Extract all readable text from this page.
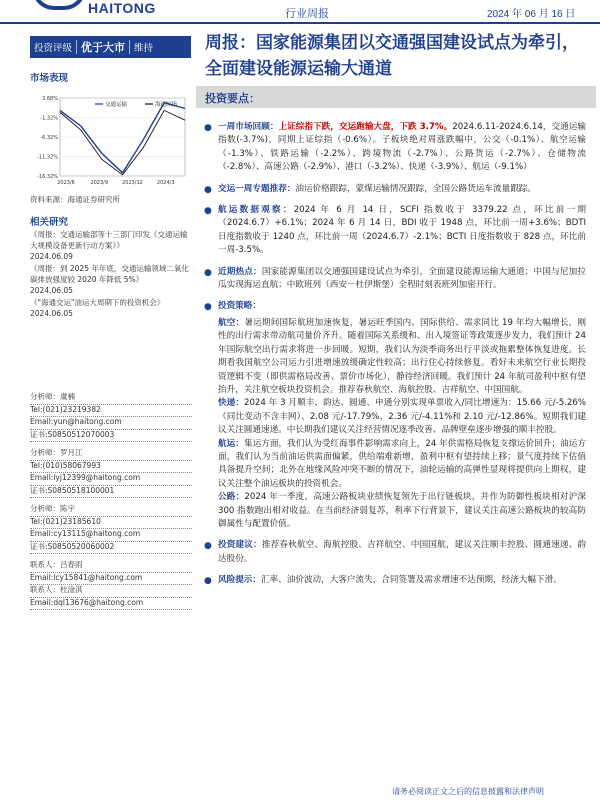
HAITONG	行业周报	2024 年 06 月 16 日
投资评级 优于大市 维持	周报：国家能源集团以交通强国建设试点为牵引，全面建设能源运输大通道
市场表现
3.68%
-1.32%
-6.32%
-11.32%
-16.32%
2023/6	2023/9	2023/12	2024/3
交通运输	海通综指
资料来源：海通证券研究所
相关研究
《周报：交通运输部等十三部门印发《交通运输大规模设备更新行动方案》》
2024.06.09
《周报：到 2025 年年底，交通运输领域二氧化碳排放强度较 2020 年降低 5%》
2024.06.05
《"海通交运"油运大周期下的投资机会》
2024.06.05
分析师：虞楠
Tel:(021)23219382
Email:yun@haitong.com
证书:S0850512070003
分析师：罗月江
Tel:(010)58067993
Email:lyj12399@haitong.com
证书:S0850518100001
分析师：陈宇
Tel:(021)23185610
Email:cy13115@haitong.com
证书:S0850520060002
联系人：吕春雨
Email:lcy15841@haitong.com
联系人：杜淦淇
Email:dql13676@haitong.com
投资要点：
● 一周市场回顾：上证综指下跌，交运跑输大盘，下跌 3.7%。2024.6.11-2024.6.14，交通运输指数(-3.7%)，同期上证综指（-0.6%）。子板块绝对周涨跌幅中，公交（-0.1%）、航空运输（-1.3%）、铁路运输（-2.2%）、跨境物流（-2.7%）、公路货运（-2.7%）、仓储物流（-2.8%）、高速公路（-2.9%）、港口（-3.2%）、快递（-3.9%）、航运（-9.1%）
● 交运一周专题推荐：油运价格跟踪，蒙煤运输情况跟踪，全国公路货运车流量跟踪。
● 航运数据观察：2024 年 6 月 14 日，SCFI 指数收于 3379.22 点，环比前一期（2024.6.7）+6.1%；2024 年 6 月 14 日，BDI 收于 1948 点，环比前一周+3.6%；BDTI 日度指数收于 1240 点，环比前一周（2024.6.7）-2.1%；BCTI 日度指数收于 828 点，环比前一周-3.5%。
● 近期热点：国家能源集团以交通强国建设试点为牵引，全面建设能源运输大通道；中国与尼加拉瓜实现海运直航；中欧班列（西安－杜伊斯堡）全程时刻表班列加密开行。
● 投资策略：
航空：暑运期间国际航班加速恢复，暑运旺季国内、国际供给、需求同比 19 年均大幅增长，刚性的出行需求带动航司量价齐升。随着国际关系缓和、出入境签证等政策逐步发力，我们预计 24 年国际航空出行需求将进一步回暖。短期，我们认为淡季商务出行平淡或拖累整体恢复进度。长期看我国航空公司运力引进增速放缓确定性较高；出行住心持续修复。看好未来航空行业长期投资逻辑不变（即供需格局改善、票价市场化），静待经济回暖。我们预计 24 年航司盈利中枢有望抬升，关注航空板块投资机会。推荐春秋航空、海航控股、吉祥航空、中国国航。
快递：2024 年 3 月顺丰、韵达、圆通、申通分别实现单票收入/同比增速为：15.66 元/-5.26%（同比变动不含丰网）、2.08 元/-17.79%、2.36 元/-4.11%和 2.10 元/-12.86%。短期我们建议关注圆通速递。中长期我们建议关注经营情况逐季改善、品牌壁垒逐步增强的顺丰控股。
航运：集运方面，我们认为受红海事件影响需求向上，24 年供需格局恢复支撑运价回升；油运方面，我们认为当前油运供需面偏紧，供给端难新增，盈利中枢有望持续上移；景气度持续下估值具备提升空间；北外在地缘风险冲突不断的情况下，油轮运输的高弹性显现将提供向上期权，建议关注整个油运板块的投资机会。
公路：2024 年一季度，高速公路板块业绩恢复领先于出行链板块，并作为防御性板块相对沪深 300 指数跑出相对收益。在当前经济弱复苏，利率下行背景下，建议关注高速公路板块的较高防御属性与配置价值。
● 投资建议：推荐春秋航空、海航控股、吉祥航空、中国国航，建议关注顺丰控股、圆通速递、韵达股份。
● 风险提示：汇率、油价波动，大客户流失，合同签署及需求增速不达预期，经济大幅下滑。
请务必阅读正文之后的信息披露和法律声明
